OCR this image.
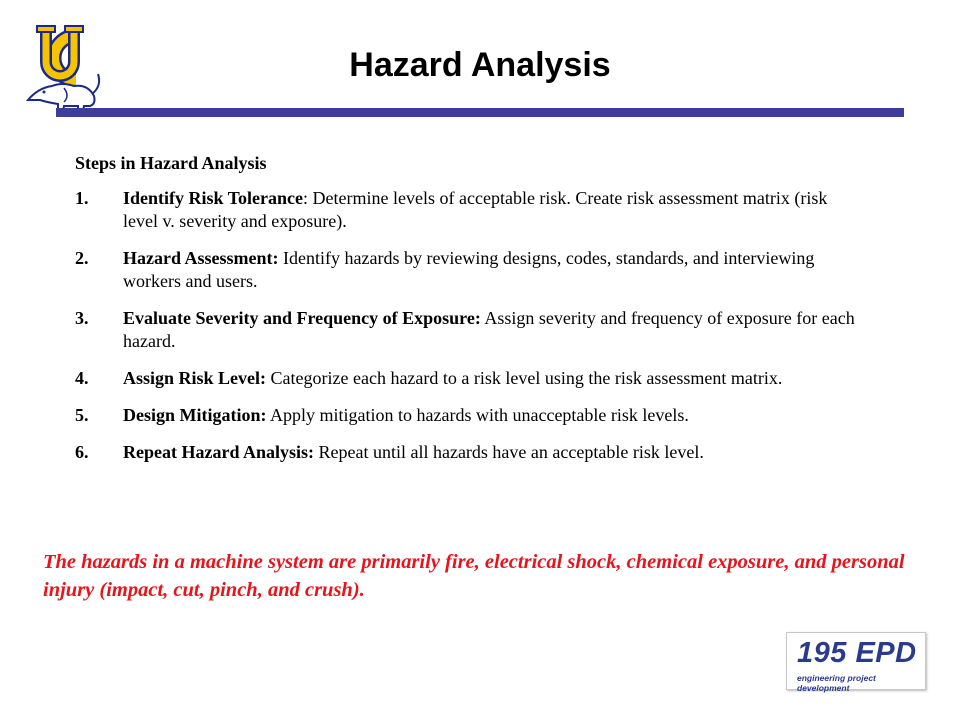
Hazard Analysis
Steps in Hazard Analysis
1.	Identify Risk Tolerance: Determine levels of acceptable risk. Create risk assessment matrix (risk level v. severity and exposure).
2.	Hazard Assessment: Identify hazards by reviewing designs, codes, standards, and interviewing workers and users.
3.	Evaluate Severity and Frequency of Exposure: Assign severity and frequency of exposure for each hazard.
4.	Assign Risk Level: Categorize each hazard to a risk level using the risk assessment matrix.
5.	Design Mitigation: Apply mitigation to hazards with unacceptable risk levels.
6.	Repeat Hazard Analysis: Repeat until all hazards have an acceptable risk level.
The hazards in a machine system are primarily fire, electrical shock, chemical exposure, and personal injury (impact, cut, pinch, and crush).
195 EPD
engineering project development
